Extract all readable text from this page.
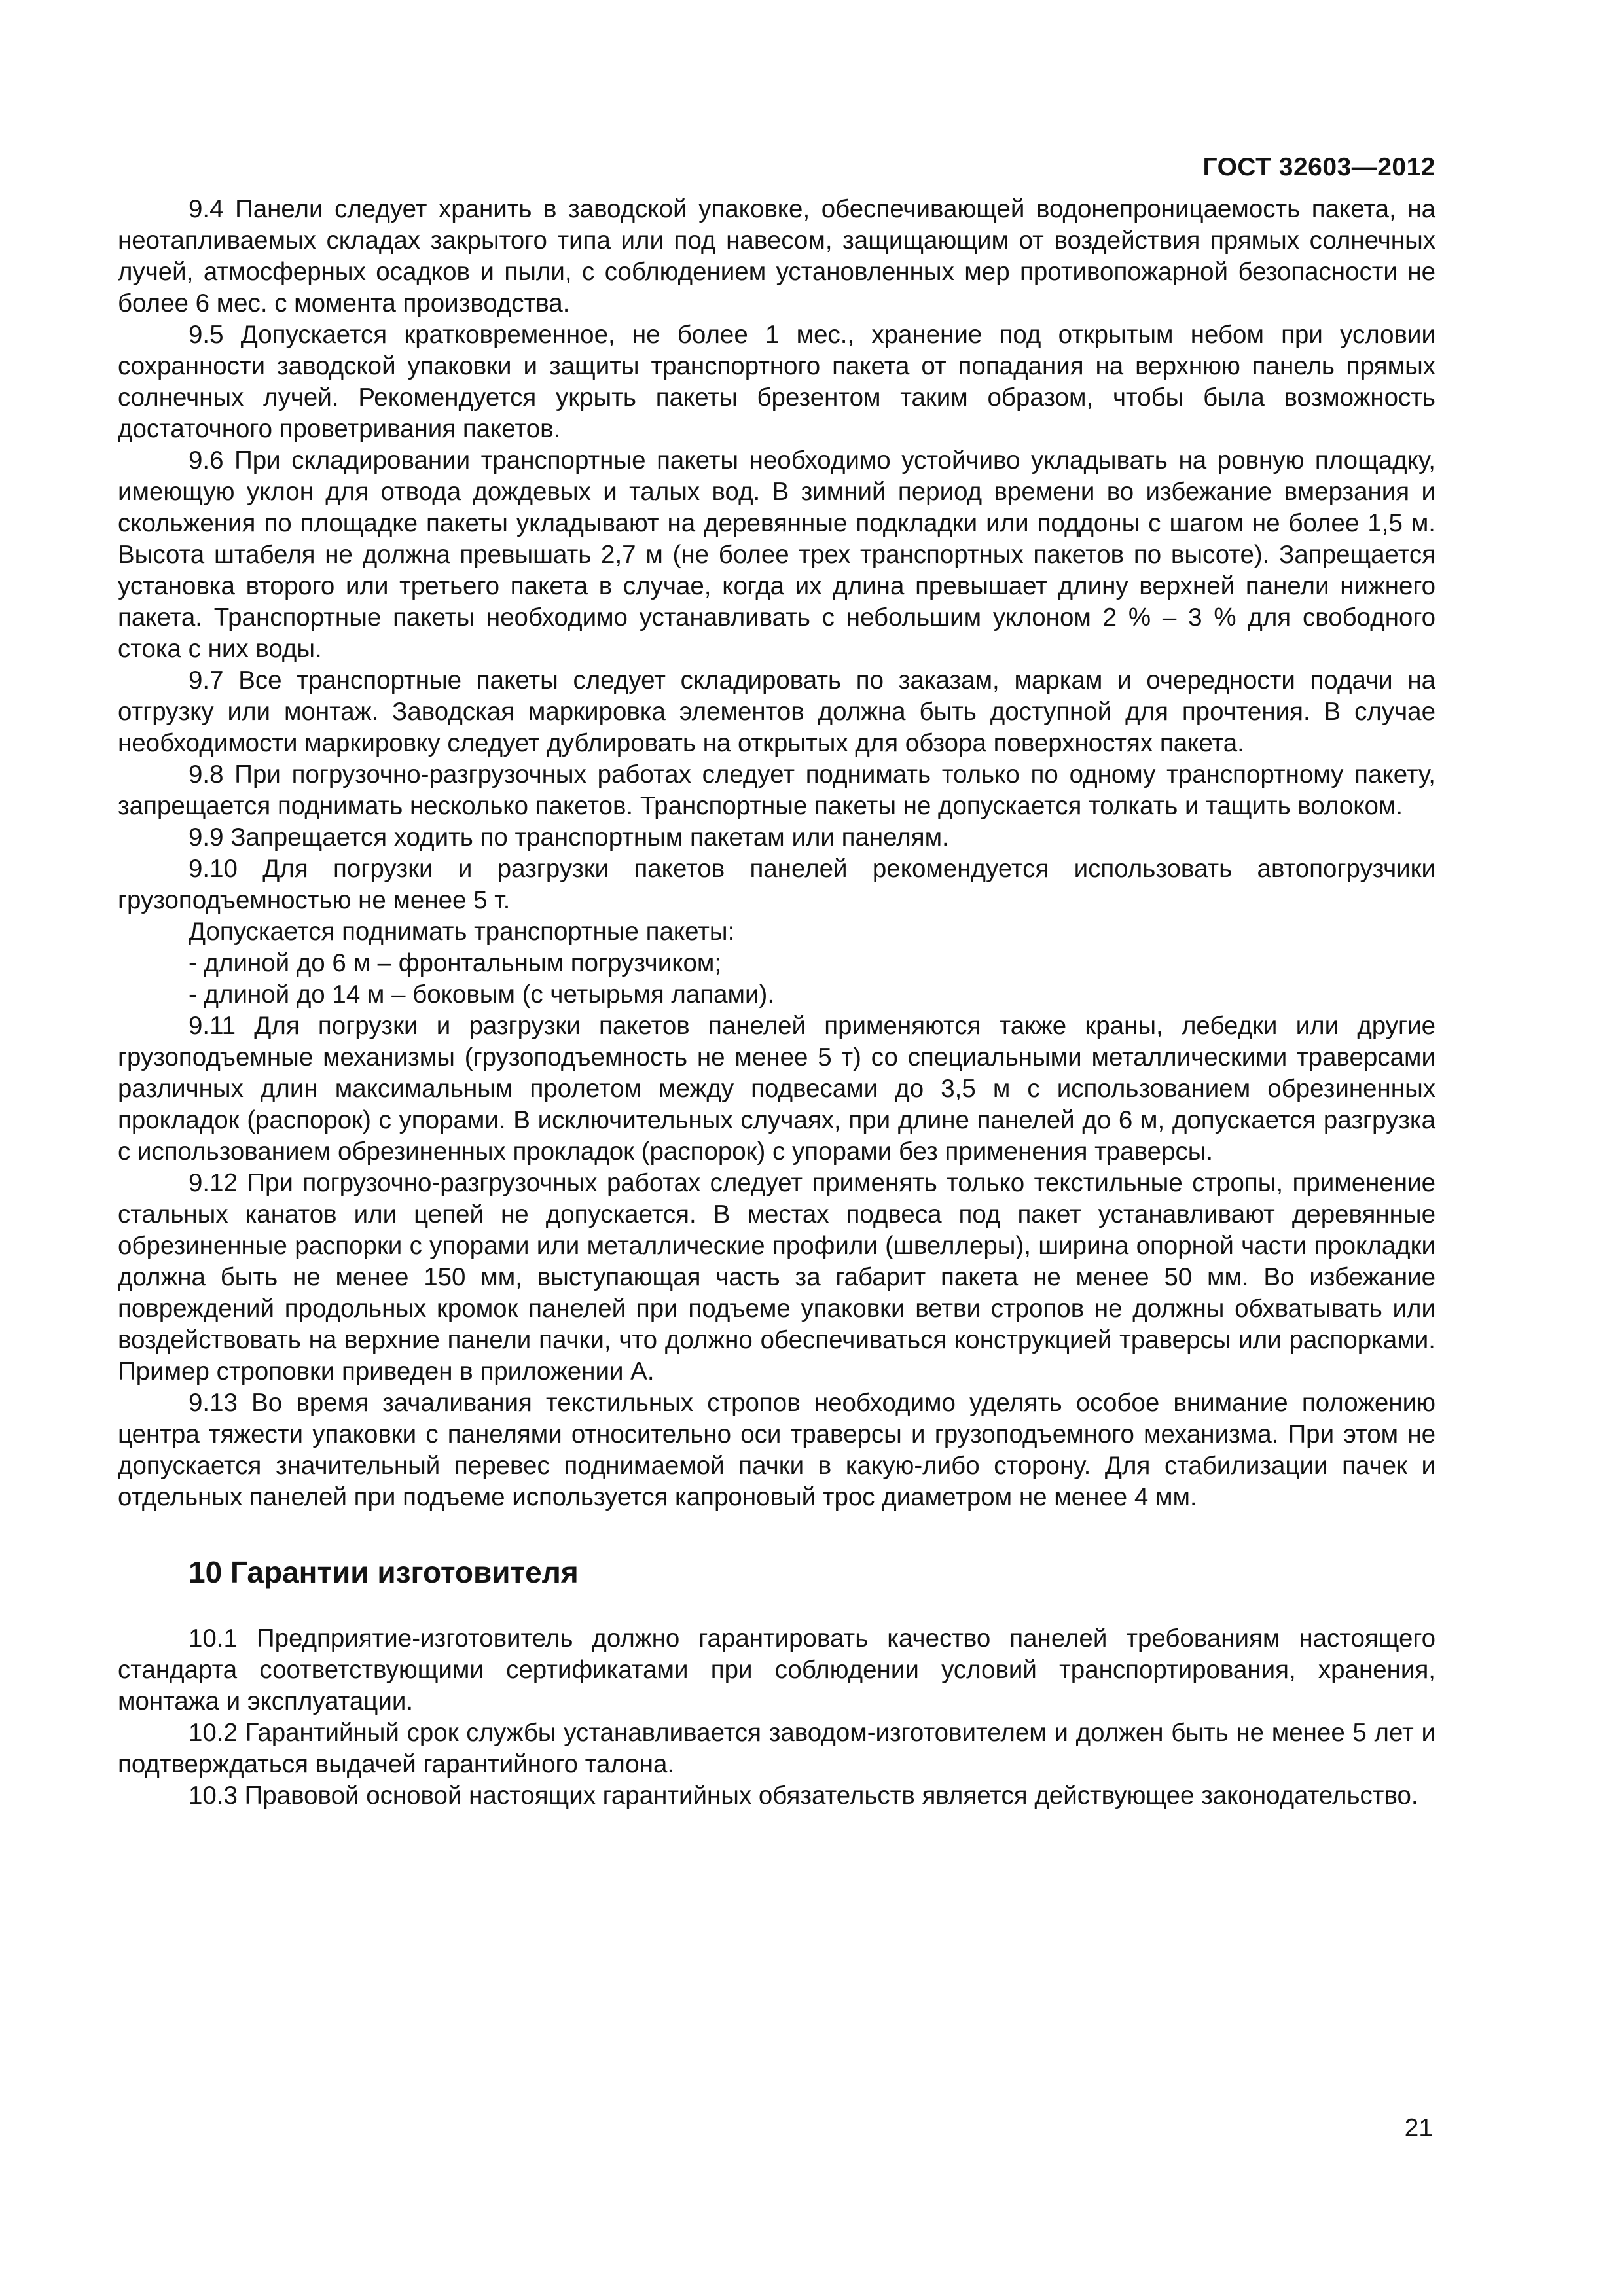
ГОСТ 32603—2012

9.4 Панели следует хранить в заводской упаковке, обеспечивающей водонепроницаемость пакета, на неотапливаемых складах закрытого типа или под навесом, защищающим от воздействия прямых солнечных лучей, атмосферных осадков и пыли, с соблюдением установленных мер противопожарной безопасности не более 6 мес. с момента производства.

9.5 Допускается кратковременное, не более 1 мес., хранение под открытым небом при условии сохранности заводской упаковки и защиты транспортного пакета от попадания на верхнюю панель прямых солнечных лучей. Рекомендуется укрыть пакеты брезентом таким образом, чтобы была возможность достаточного проветривания пакетов.

9.6 При складировании транспортные пакеты необходимо устойчиво укладывать на ровную площадку, имеющую уклон для отвода дождевых и талых вод. В зимний период времени во избежание вмерзания и скольжения по площадке пакеты укладывают на деревянные подкладки или поддоны с шагом не более 1,5 м. Высота штабеля не должна превышать 2,7 м (не более трех транспортных пакетов по высоте). Запрещается установка второго или третьего пакета в случае, когда их длина превышает длину верхней панели нижнего пакета. Транспортные пакеты необходимо устанавливать с небольшим уклоном 2 % – 3 % для свободного стока с них воды.

9.7 Все транспортные пакеты следует складировать по заказам, маркам и очередности подачи на отгрузку или монтаж. Заводская маркировка элементов должна быть доступной для прочтения. В случае необходимости маркировку следует дублировать на открытых для обзора поверхностях пакета.

9.8 При погрузочно-разгрузочных работах следует поднимать только по одному транспортному пакету, запрещается поднимать несколько пакетов. Транспортные пакеты не допускается толкать и тащить волоком.

9.9 Запрещается ходить по транспортным пакетам или панелям.

9.10 Для погрузки и разгрузки пакетов панелей рекомендуется использовать автопогрузчики грузоподъемностью не менее 5 т.

Допускается поднимать транспортные пакеты:

- длиной до 6 м – фронтальным погрузчиком;

- длиной до 14 м – боковым (с четырьмя лапами).

9.11 Для погрузки и разгрузки пакетов панелей применяются также краны, лебедки или другие грузоподъемные механизмы (грузоподъемность не менее 5 т) со специальными металлическими траверсами различных длин максимальным пролетом между подвесами до 3,5 м с использованием обрезиненных прокладок (распорок) с упорами. В исключительных случаях, при длине панелей до 6 м, допускается разгрузка с использованием обрезиненных прокладок (распорок) с упорами без применения траверсы.

9.12 При погрузочно-разгрузочных работах следует применять только текстильные стропы, применение стальных канатов или цепей не допускается. В местах подвеса под пакет устанавливают деревянные обрезиненные распорки с упорами или металлические профили (швеллеры), ширина опорной части прокладки должна быть не менее 150 мм, выступающая часть за габарит пакета не менее 50 мм. Во избежание повреждений продольных кромок панелей при подъеме упаковки ветви стропов не должны обхватывать или воздействовать на верхние панели пачки, что должно обеспечиваться конструкцией траверсы или распорками. Пример строповки приведен в приложении А.

9.13 Во время зачаливания текстильных стропов необходимо уделять особое внимание положению центра тяжести упаковки с панелями относительно оси траверсы и грузоподъемного механизма. При этом не допускается значительный перевес поднимаемой пачки в какую-либо сторону. Для стабилизации пачек и отдельных панелей при подъеме используется капроновый трос диаметром не менее 4 мм.

10 Гарантии изготовителя

10.1 Предприятие-изготовитель должно гарантировать качество панелей требованиям настоящего стандарта соответствующими сертификатами при соблюдении условий транспортирования, хранения, монтажа и эксплуатации.

10.2 Гарантийный срок службы устанавливается заводом-изготовителем и должен быть не менее 5 лет и подтверждаться выдачей гарантийного талона.

10.3 Правовой основой настоящих гарантийных обязательств является действующее законодательство.

21
